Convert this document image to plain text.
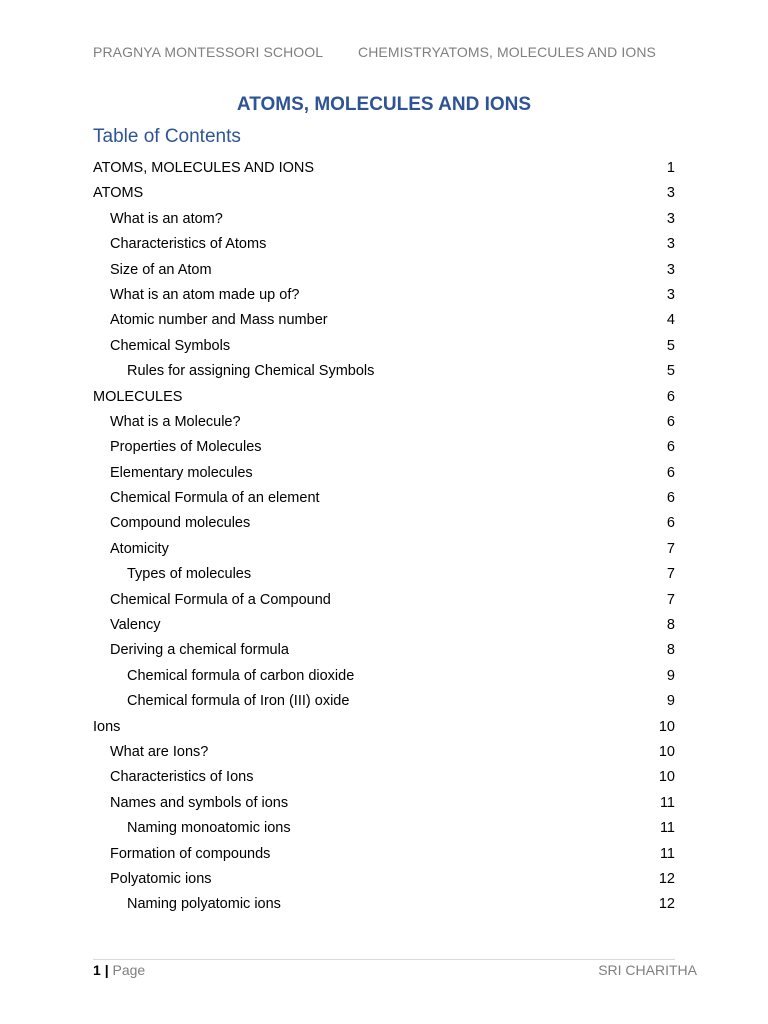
PRAGNYA MONTESSORI SCHOOL CHEMISTRYATOMS, MOLECULES AND IONS
ATOMS, MOLECULES AND IONS
Table of Contents
ATOMS, MOLECULES AND IONS	1
ATOMS	3
What is an atom?	3
Characteristics of Atoms	3
Size of an Atom	3
What is an atom made up of?	3
Atomic number and Mass number	4
Chemical Symbols	5
Rules for assigning Chemical Symbols	5
MOLECULES	6
What is a Molecule?	6
Properties of Molecules	6
Elementary molecules	6
Chemical Formula of an element	6
Compound molecules	6
Atomicity	7
Types of molecules	7
Chemical Formula of a Compound	7
Valency	8
Deriving a chemical formula	8
Chemical formula of carbon dioxide	9
Chemical formula of Iron (III) oxide	9
Ions	10
What are Ions?	10
Characteristics of Ions	10
Names and symbols of ions	11
Naming monoatomic ions	11
Formation of compounds	11
Polyatomic ions	12
Naming polyatomic ions	12
1 | Page	SRI CHARITHA
